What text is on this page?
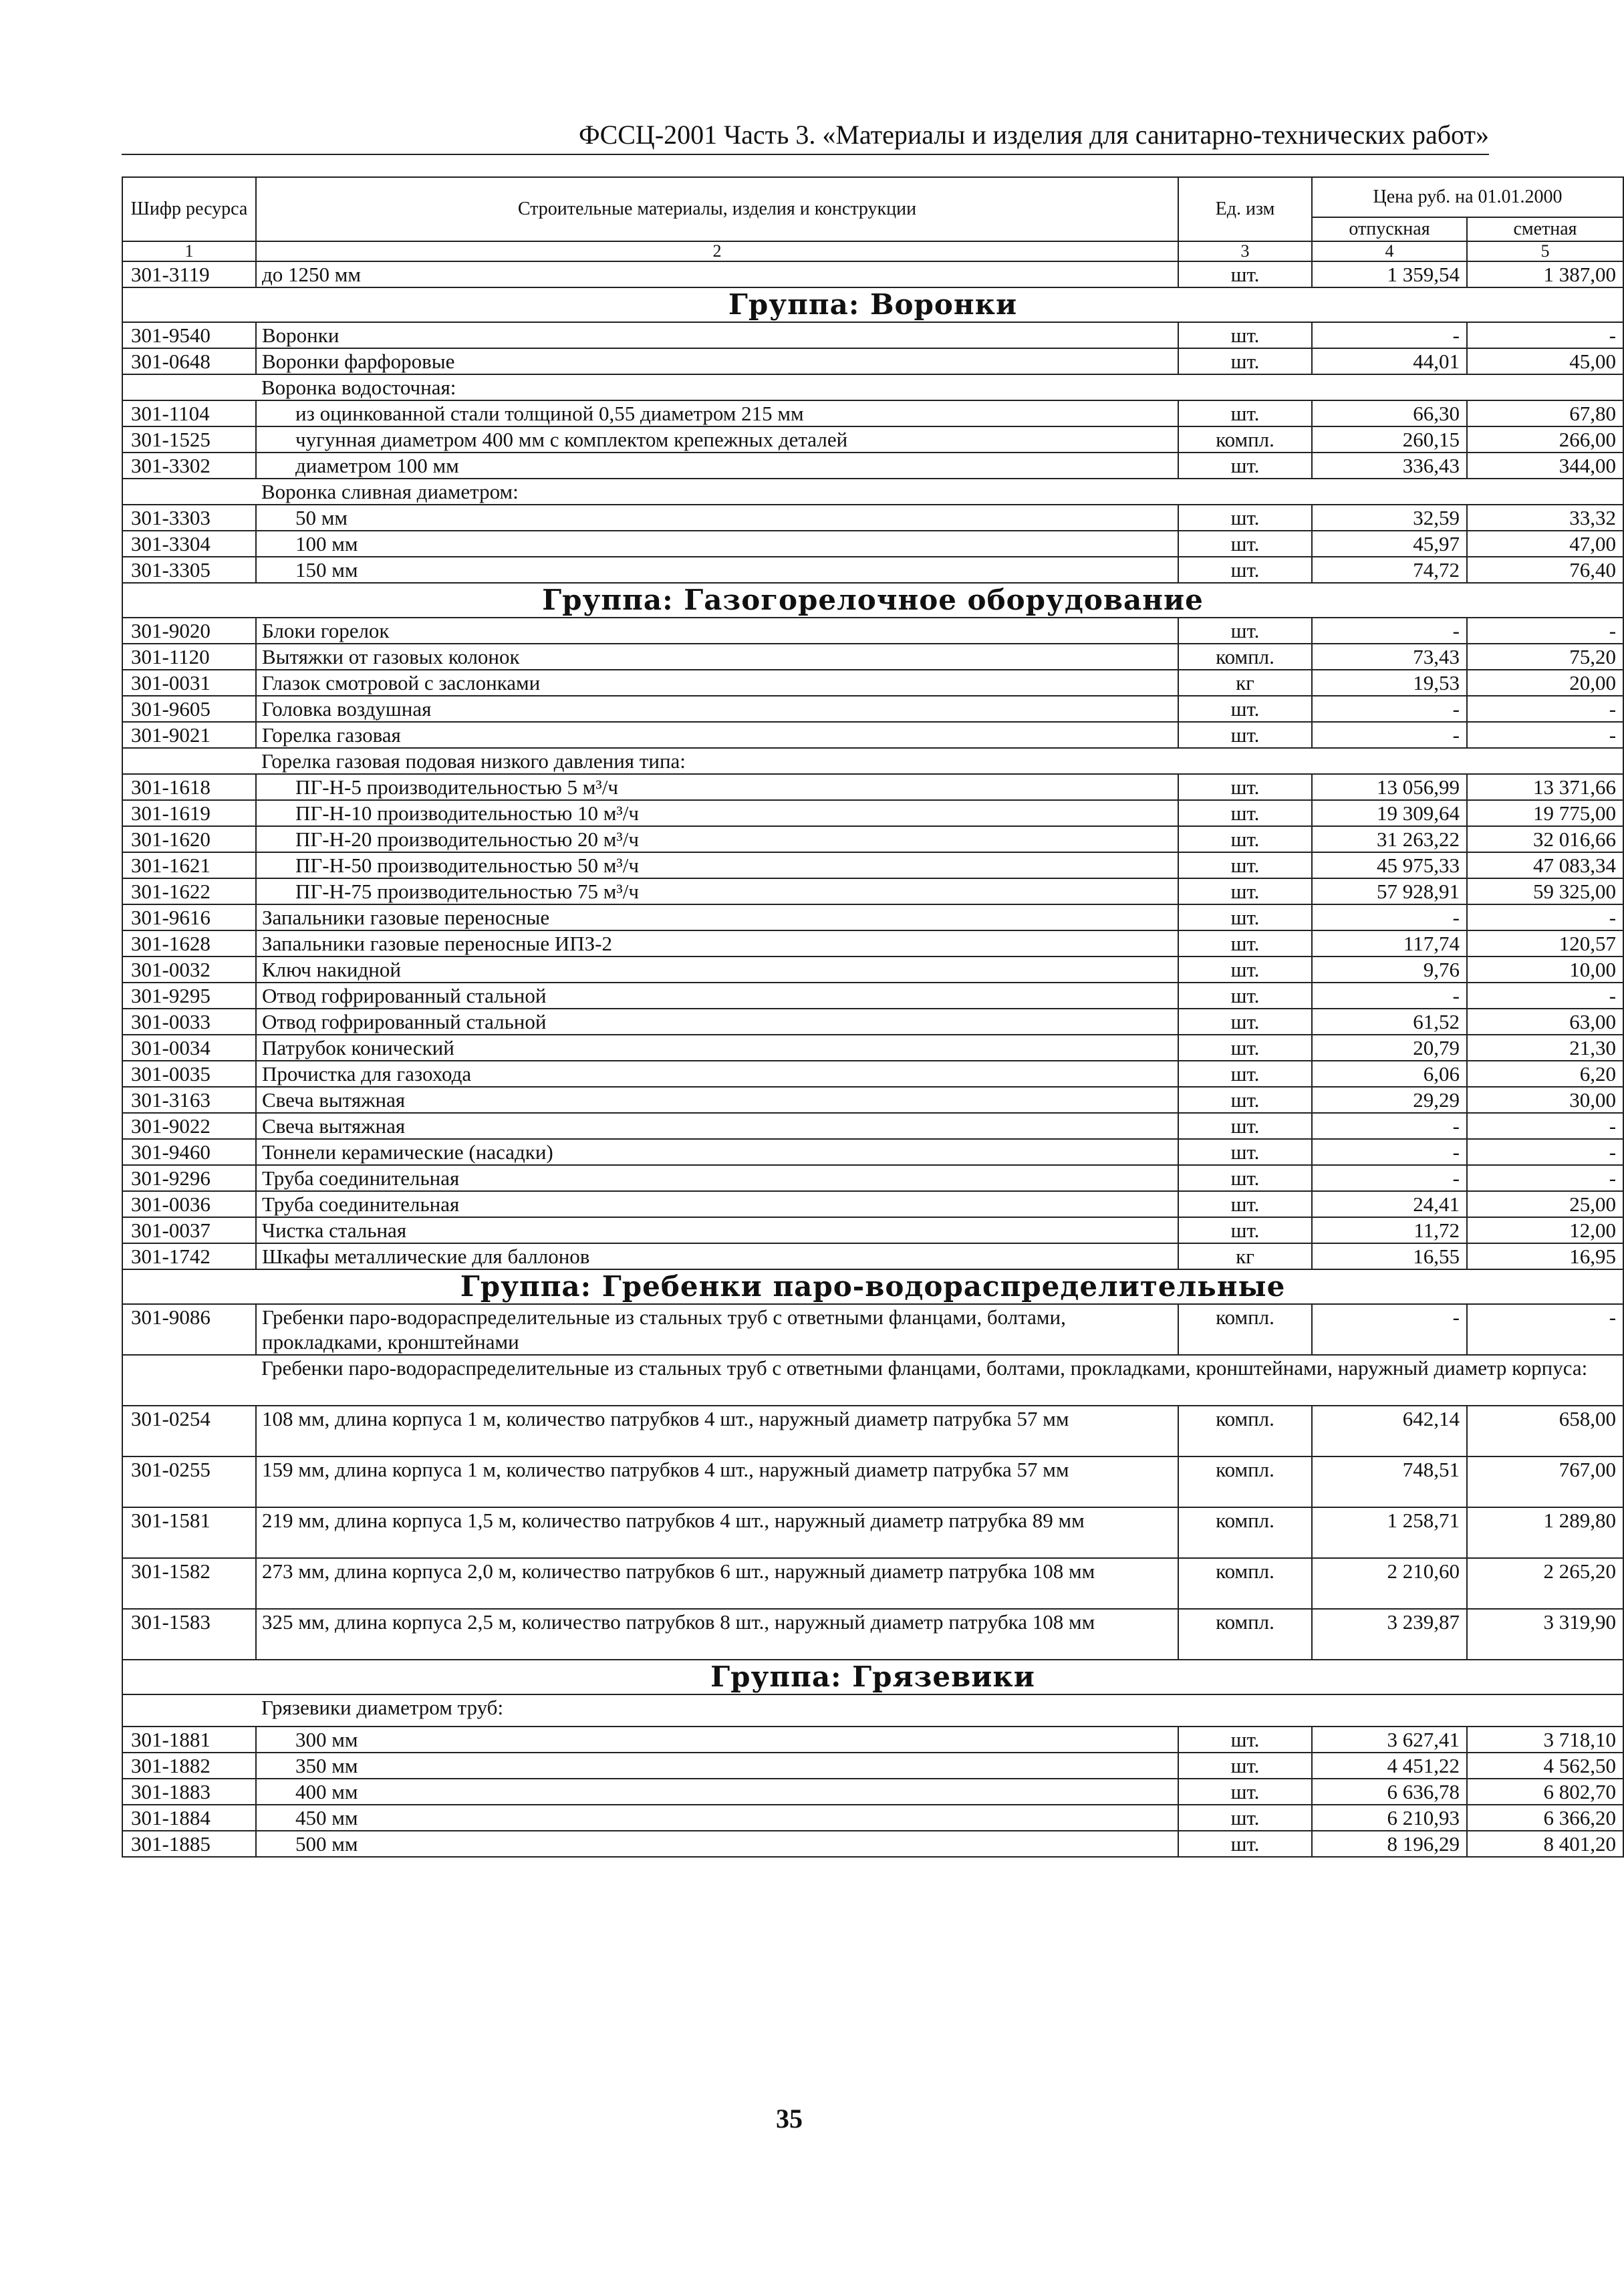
ФССЦ-2001 Часть 3. «Материалы и изделия для санитарно-технических работ»
Шифр ресурса	Строительные материалы, изделия и конструкции	Ед. изм	Цена руб. на 01.01.2000	
			отпускная	сметная
1	2	3	4	5
301-3119	до 1250 мм	шт.	1 359,54	1 387,00
Группа: Воронки				
301-9540	Воронки	шт.	-	-
301-0648	Воронки фарфоровые	шт.	44,01	45,00
	Воронка водосточная:			
301-1104	из оцинкованной стали толщиной 0,55 диаметром 215 мм	шт.	66,30	67,80
301-1525	чугунная диаметром 400 мм с комплектом крепежных деталей	компл.	260,15	266,00
301-3302	диаметром 100 мм	шт.	336,43	344,00
	Воронка сливная диаметром:			
301-3303	50 мм	шт.	32,59	33,32
301-3304	100 мм	шт.	45,97	47,00
301-3305	150 мм	шт.	74,72	76,40
Группа: Газогорелочное оборудование				
301-9020	Блоки горелок	шт.	-	-
301-1120	Вытяжки от газовых колонок	компл.	73,43	75,20
301-0031	Глазок смотровой с заслонками	кг	19,53	20,00
301-9605	Головка воздушная	шт.	-	-
301-9021	Горелка газовая	шт.	-	-
	Горелка газовая подовая низкого давления типа:			
301-1618	ПГ-Н-5 производительностью 5 м³/ч	шт.	13 056,99	13 371,66
301-1619	ПГ-Н-10 производительностью 10 м³/ч	шт.	19 309,64	19 775,00
301-1620	ПГ-Н-20 производительностью 20 м³/ч	шт.	31 263,22	32 016,66
301-1621	ПГ-Н-50 производительностью 50 м³/ч	шт.	45 975,33	47 083,34
301-1622	ПГ-Н-75 производительностью 75 м³/ч	шт.	57 928,91	59 325,00
301-9616	Запальники газовые переносные	шт.	-	-
301-1628	Запальники газовые переносные ИПЗ-2	шт.	117,74	120,57
301-0032	Ключ накидной	шт.	9,76	10,00
301-9295	Отвод гофрированный стальной	шт.	-	-
301-0033	Отвод гофрированный стальной	шт.	61,52	63,00
301-0034	Патрубок конический	шт.	20,79	21,30
301-0035	Прочистка для газохода	шт.	6,06	6,20
301-3163	Свеча вытяжная	шт.	29,29	30,00
301-9022	Свеча вытяжная	шт.	-	-
301-9460	Тоннели керамические (насадки)	шт.	-	-
301-9296	Труба соединительная	шт.	-	-
301-0036	Труба соединительная	шт.	24,41	25,00
301-0037	Чистка стальная	шт.	11,72	12,00
301-1742	Шкафы металлические для баллонов	кг	16,55	16,95
Группа: Гребенки паро-водораспределительные				
301-9086	Гребенки паро-водораспределительные из стальных труб с ответными фланцами, болтами, прокладками, кронштейнами	компл.	-	-
	Гребенки паро-водораспределительные из стальных труб с ответными фланцами, болтами, прокладками, кронштейнами, наружный диаметр корпуса:			
301-0254	108 мм, длина корпуса 1 м, количество патрубков 4 шт., наружный диаметр патрубка 57 мм	компл.	642,14	658,00
301-0255	159 мм, длина корпуса 1 м, количество патрубков 4 шт., наружный диаметр патрубка 57 мм	компл.	748,51	767,00
301-1581	219 мм, длина корпуса 1,5 м, количество патрубков 4 шт., наружный диаметр патрубка 89 мм	компл.	1 258,71	1 289,80
301-1582	273 мм, длина корпуса 2,0 м, количество патрубков 6 шт., наружный диаметр патрубка 108 мм	компл.	2 210,60	2 265,20
301-1583	325 мм, длина корпуса 2,5 м, количество патрубков 8 шт., наружный диаметр патрубка 108 мм	компл.	3 239,87	3 319,90
Группа: Грязевики				
	Грязевики диаметром труб:			
301-1881	300 мм	шт.	3 627,41	3 718,10
301-1882	350 мм	шт.	4 451,22	4 562,50
301-1883	400 мм	шт.	6 636,78	6 802,70
301-1884	450 мм	шт.	6 210,93	6 366,20
301-1885	500 мм	шт.	8 196,29	8 401,20
35
